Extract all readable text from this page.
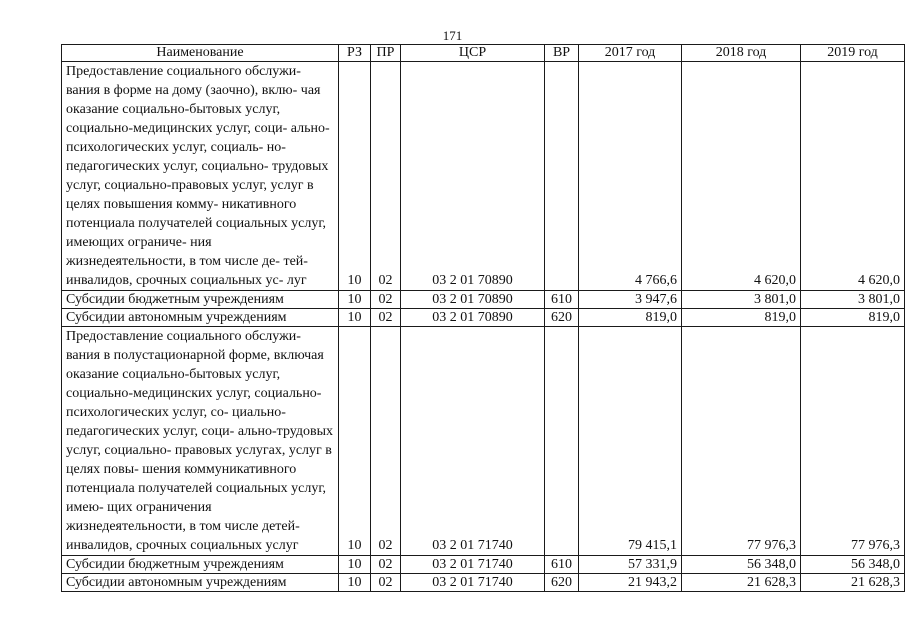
171
Наименование	РЗ	ПР	ЦСР	ВР	2017 год	2018 год	2019 год
Предоставление социального обслужи- вания в форме на дому (заочно), вклю- чая оказание социально-бытовых услуг, социально-медицинских услуг, соци- ально-психологических услуг, социаль- но-педагогических услуг, социально- трудовых услуг, социально-правовых услуг, услуг в целях повышения комму- никативного потенциала получателей социальных услуг, имеющих ограниче- ния жизнедеятельности, в том числе де- тей-инвалидов, срочных социальных ус- луг	10	02	03 2 01 70890		4 766,6	4 620,0	4 620,0
Субсидии бюджетным учреждениям	10	02	03 2 01 70890	610	3 947,6	3 801,0	3 801,0
Субсидии автономным учреждениям	10	02	03 2 01 70890	620	819,0	819,0	819,0
Предоставление социального обслужи- вания в полустационарной форме, включая оказание социально-бытовых услуг, социально-медицинских услуг, социально-психологических услуг, со- циально-педагогических услуг, соци- ально-трудовых услуг, социально- правовых услугах, услуг в целях повы- шения коммуникативного потенциала получателей социальных услуг, имею- щих ограничения жизнедеятельности, в том числе детей-инвалидов, срочных социальных услуг	10	02	03 2 01 71740		79 415,1	77 976,3	77 976,3
Субсидии бюджетным учреждениям	10	02	03 2 01 71740	610	57 331,9	56 348,0	56 348,0
Субсидии автономным учреждениям	10	02	03 2 01 71740	620	21 943,2	21 628,3	21 628,3
